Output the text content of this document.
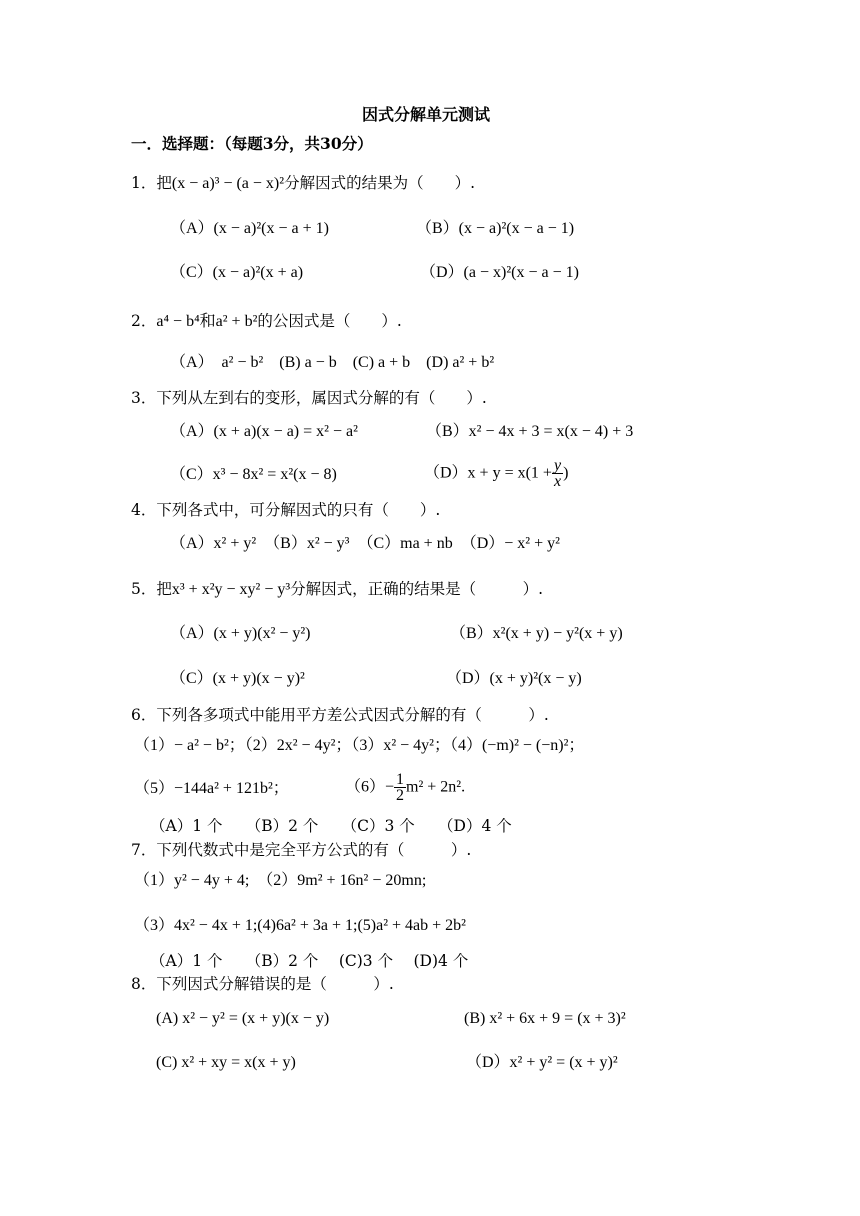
因式分解单元测试
一．选择题：（每题3分，共30分）
1．把(x − a)³ − (a − x)²分解因式的结果为（　　）.
（A）(x − a)²(x − a + 1)	（B）(x − a)²(x − a − 1)
（C）(x − a)²(x + a)	（D）(a − x)²(x − a − 1)
2．a⁴ − b⁴和a² + b²的公因式是（　　）.
（A）　a² − b²　(B) a − b　(C) a + b　(D) a² + b²
3．下列从左到右的变形，属因式分解的有（　　）.
（A）(x + a)(x − a) = x² − a²	（B）x² − 4x + 3 = x(x − 4) + 3
（C）x³ − 8x² = x²(x − 8)	$(D)x + y = x(1 + \frac{y}{x}$ )
4．下列各式中，可分解因式的只有（　　）.
（A）x² + y²　（B）x² − y³　（C）ma + nb　（D）− x² + y²
5．把x³ + x²y − xy² − y³分解因式，正确的结果是（　　　）.
（A）(x + y)(x² − y²)	（B）x²(x + y) − y²(x + y)
（C）(x + y)(x − y)²	（D）(x + y)²(x − y)
6．下列各多项式中能用平方差公式因式分解的有（　　　）.
（1）− a² − b²；（2）2x² − 4y²；（3）x² − 4y²；（4）(−m)² − (−n)²；
（5）−144a² + 121b²；	$(6)- \frac{1}{2} m^2 + 2n^2$.
（A）1 个　　（B）2 个　　（C）3 个　　（D）4 个
7．下列代数式中是完全平方公式的有（　　　）.
（1）y² − 4y + 4;　（2）9m² + 16n² − 20mn;
（3）4x² − 4x + 1;(4)6a² + 3a + 1;(5)a² + 4ab + 2b²
（A）1 个　　（B）2 个　 (C)3 个　 (D)4 个
8．下列因式分解错误的是（　　　）.
(A) x² − y² = (x + y)(x − y)	(B) x² + 6x + 9 = (x + 3)²
(C) x² + xy = x(x + y)	（D）x² + y² = (x + y)²
